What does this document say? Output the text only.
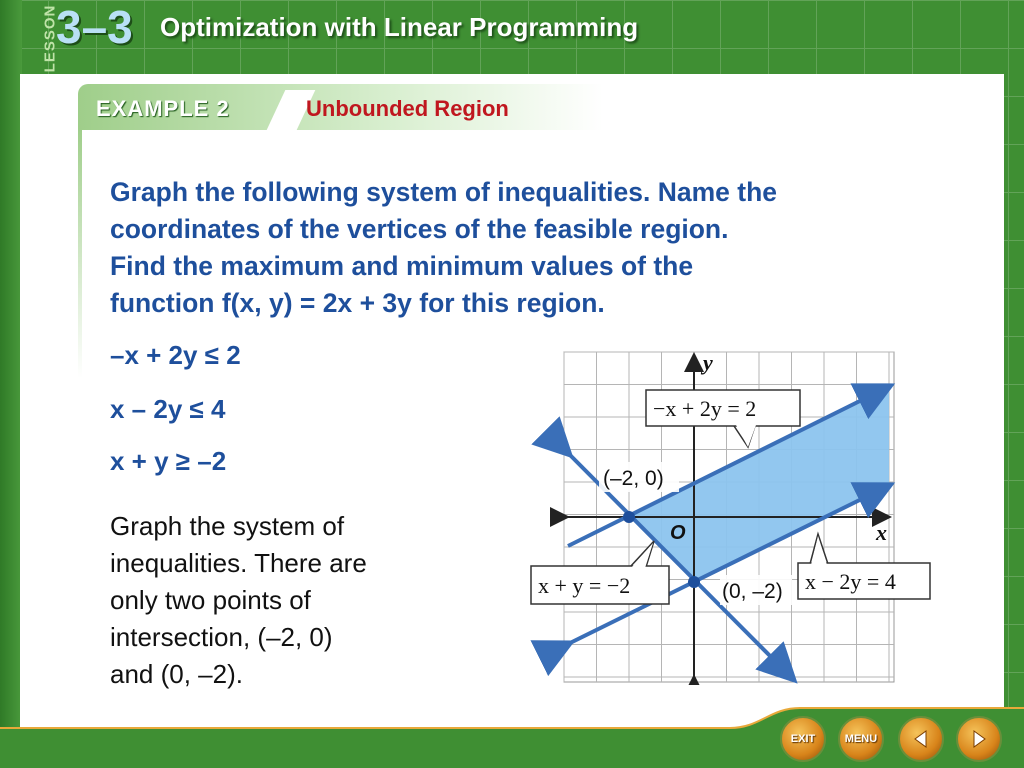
LESSON
3–3 Optimization with Linear Programming
EXAMPLE 2	Unbounded Region
Graph the following system of inequalities. Name the
coordinates of the vertices of the feasible region.
Find the maximum and minimum values of the
function f(x, y) = 2x + 3y for this region.
–x + 2y ≤ 2
x – 2y ≤ 4
x + y ≥ –2
Graph the system of
inequalities. There are
only two points of
intersection, (–2, 0)
and (0, –2).
y
x
O
(–2, 0)
(0, –2)
−x + 2y = 2
x − 2y = 4
x + y = −2
EXIT	MENU
